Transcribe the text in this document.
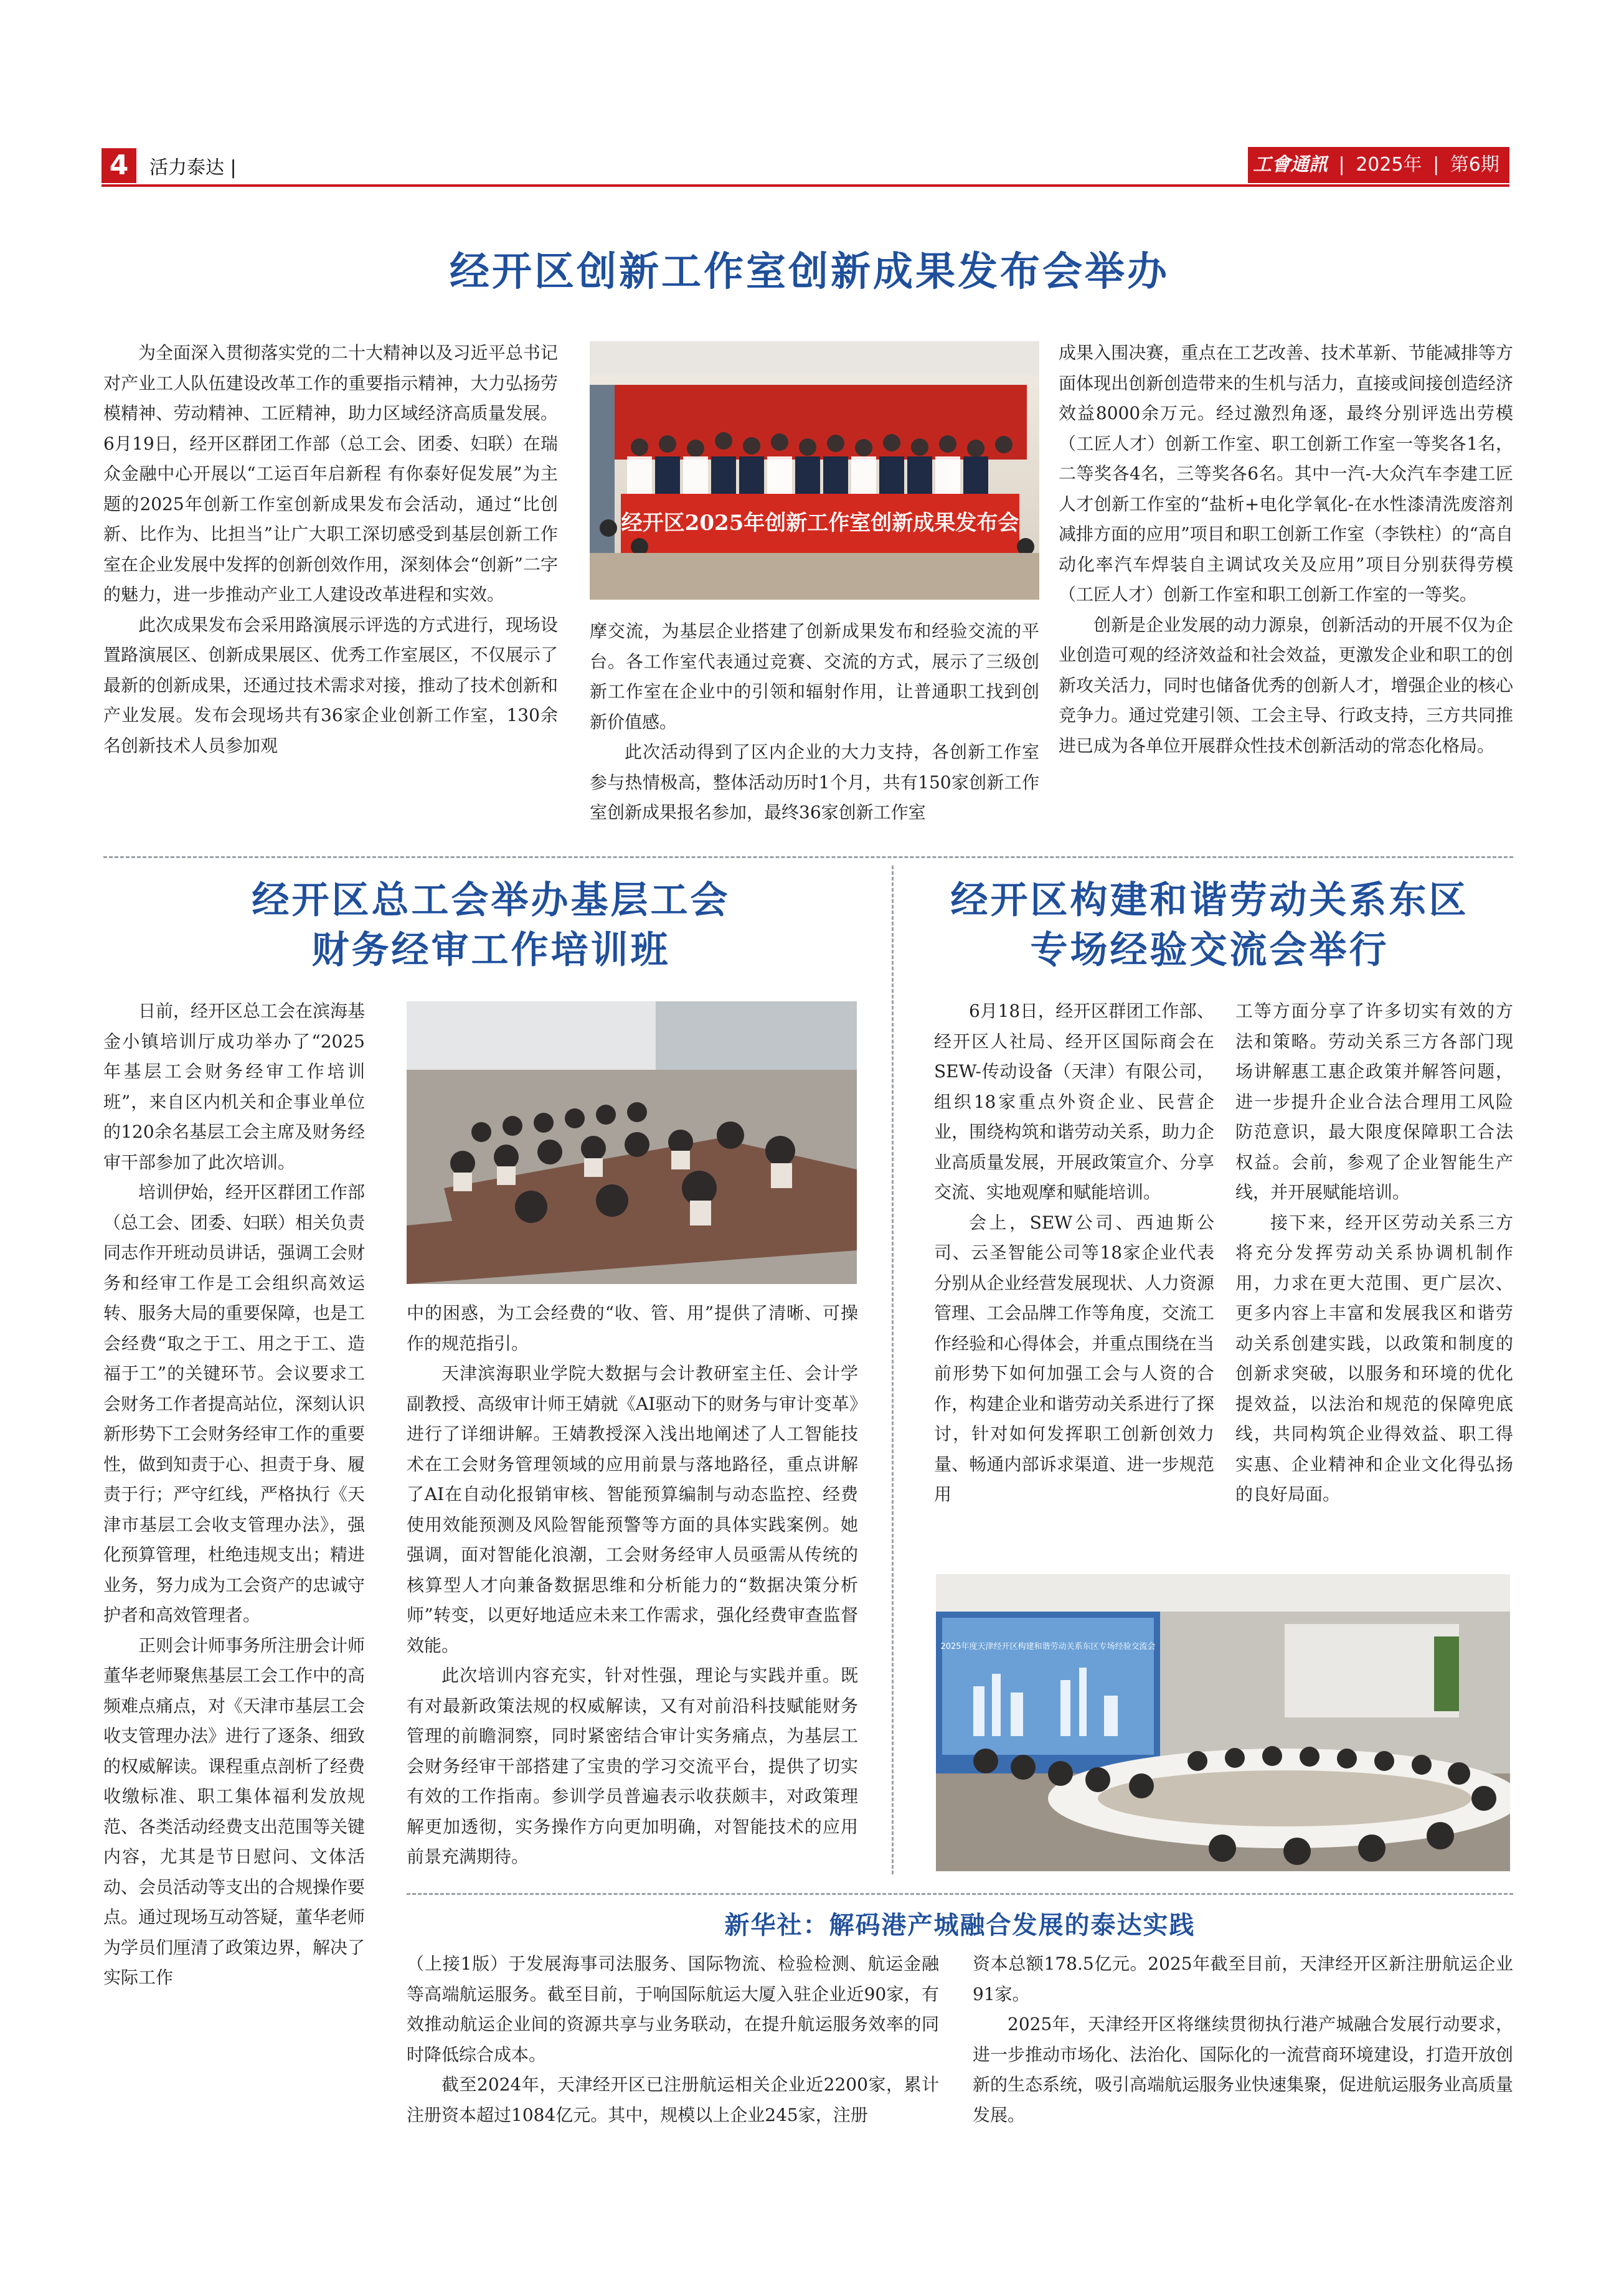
4	活力泰达 |	工會通訊 | 2025年 | 第6期
经开区创新工作室创新成果发布会举办

为全面深入贯彻落实党的二十大精神以及习近平总书记对产业工人队伍建设改革工作的重要指示精神，大力弘扬劳模精神、劳动精神、工匠精神，助力区域经济高质量发展。6月19日，经开区群团工作部（总工会、团委、妇联）在瑞众金融中心开展以“工运百年启新程 有你泰好促发展”为主题的2025年创新工作室创新成果发布会活动，通过“比创新、比作为、比担当”让广大职工深切感受到基层创新工作室在企业发展中发挥的创新创效作用，深刻体会“创新”二字的魅力，进一步推动产业工人建设改革进程和实效。

此次成果发布会采用路演展示评选的方式进行，现场设置路演展区、创新成果展区、优秀工作室展区，不仅展示了最新的创新成果，还通过技术需求对接，推动了技术创新和产业发展。发布会现场共有36家企业创新工作室，130余名创新技术人员参加观

经开区2025年创新工作室创新成果发布会

摩交流，为基层企业搭建了创新成果发布和经验交流的平台。各工作室代表通过竞赛、交流的方式，展示了三级创新工作室在企业中的引领和辐射作用，让普通职工找到创新价值感。

此次活动得到了区内企业的大力支持，各创新工作室参与热情极高，整体活动历时1个月，共有150家创新工作室创新成果报名参加，最终36家创新工作室

成果入围决赛，重点在工艺改善、技术革新、节能减排等方面体现出创新创造带来的生机与活力，直接或间接创造经济效益8000余万元。经过激烈角逐，最终分别评选出劳模（工匠人才）创新工作室、职工创新工作室一等奖各1名，二等奖各4名，三等奖各6名。其中一汽-大众汽车李建工匠人才创新工作室的“盐析+电化学氧化-在水性漆清洗废溶剂减排方面的应用”项目和职工创新工作室（李铁柱）的“高自动化率汽车焊装自主调试攻关及应用”项目分别获得劳模（工匠人才）创新工作室和职工创新工作室的一等奖。

创新是企业发展的动力源泉，创新活动的开展不仅为企业创造可观的经济效益和社会效益，更激发企业和职工的创新攻关活力，同时也储备优秀的创新人才，增强企业的核心竞争力。通过党建引领、工会主导、行政支持，三方共同推进已成为各单位开展群众性技术创新活动的常态化格局。

经开区总工会举办基层工会
财务经审工作培训班

日前，经开区总工会在滨海基金小镇培训厅成功举办了“2025年基层工会财务经审工作培训班”，来自区内机关和企事业单位的120余名基层工会主席及财务经审干部参加了此次培训。

培训伊始，经开区群团工作部（总工会、团委、妇联）相关负责同志作开班动员讲话，强调工会财务和经审工作是工会组织高效运转、服务大局的重要保障，也是工会经费“取之于工、用之于工、造福于工”的关键环节。会议要求工会财务工作者提高站位，深刻认识新形势下工会财务经审工作的重要性，做到知责于心、担责于身、履责于行；严守红线，严格执行《天津市基层工会收支管理办法》，强化预算管理，杜绝违规支出；精进业务，努力成为工会资产的忠诚守护者和高效管理者。

正则会计师事务所注册会计师董华老师聚焦基层工会工作中的高频难点痛点，对《天津市基层工会收支管理办法》进行了逐条、细致的权威解读。课程重点剖析了经费收缴标准、职工集体福利发放规范、各类活动经费支出范围等关键内容，尤其是节日慰问、文体活动、会员活动等支出的合规操作要点。通过现场互动答疑，董华老师为学员们厘清了政策边界，解决了实际工作

中的困惑，为工会经费的“收、管、用”提供了清晰、可操作的规范指引。

天津滨海职业学院大数据与会计教研室主任、会计学副教授、高级审计师王婧就《AI驱动下的财务与审计变革》进行了详细讲解。王婧教授深入浅出地阐述了人工智能技术在工会财务管理领域的应用前景与落地路径，重点讲解了AI在自动化报销审核、智能预算编制与动态监控、经费使用效能预测及风险智能预警等方面的具体实践案例。她强调，面对智能化浪潮，工会财务经审人员亟需从传统的核算型人才向兼备数据思维和分析能力的“数据决策分析师”转变，以更好地适应未来工作需求，强化经费审查监督效能。

此次培训内容充实，针对性强，理论与实践并重。既有对最新政策法规的权威解读，又有对前沿科技赋能财务管理的前瞻洞察，同时紧密结合审计实务痛点，为基层工会财务经审干部搭建了宝贵的学习交流平台，提供了切实有效的工作指南。参训学员普遍表示收获颇丰，对政策理解更加透彻，实务操作方向更加明确，对智能技术的应用前景充满期待。

经开区构建和谐劳动关系东区
专场经验交流会举行

6月18日，经开区群团工作部、经开区人社局、经开区国际商会在SEW-传动设备（天津）有限公司，组织18家重点外资企业、民营企业，围绕构筑和谐劳动关系，助力企业高质量发展，开展政策宣介、分享交流、实地观摩和赋能培训。

会上，SEW公司、西迪斯公司、云圣智能公司等18家企业代表分别从企业经营发展现状、人力资源管理、工会品牌工作等角度，交流工作经验和心得体会，并重点围绕在当前形势下如何加强工会与人资的合作，构建企业和谐劳动关系进行了探讨，针对如何发挥职工创新创效力量、畅通内部诉求渠道、进一步规范用

工等方面分享了许多切实有效的方法和策略。劳动关系三方各部门现场讲解惠工惠企政策并解答问题，进一步提升企业合法合理用工风险防范意识，最大限度保障职工合法权益。会前，参观了企业智能生产线，并开展赋能培训。

接下来，经开区劳动关系三方将充分发挥劳动关系协调机制作用，力求在更大范围、更广层次、更多内容上丰富和发展我区和谐劳动关系创建实践，以政策和制度的创新求突破，以服务和环境的优化提效益，以法治和规范的保障兜底线，共同构筑企业得效益、职工得实惠、企业精神和企业文化得弘扬的良好局面。

2025年度天津经开区构建和谐劳动关系东区专场经验交流会
新华社：解码港产城融合发展的泰达实践

（上接1版）于发展海事司法服务、国际物流、检验检测、航运金融等高端航运服务。截至目前，于响国际航运大厦入驻企业近90家，有效推动航运企业间的资源共享与业务联动，在提升航运服务效率的同时降低综合成本。

截至2024年，天津经开区已注册航运相关企业近2200家，累计注册资本超过1084亿元。其中，规模以上企业245家，注册

资本总额178.5亿元。2025年截至目前，天津经开区新注册航运企业91家。

2025年，天津经开区将继续贯彻执行港产城融合发展行动要求，进一步推动市场化、法治化、国际化的一流营商环境建设，打造开放创新的生态系统，吸引高端航运服务业快速集聚，促进航运服务业高质量发展。
